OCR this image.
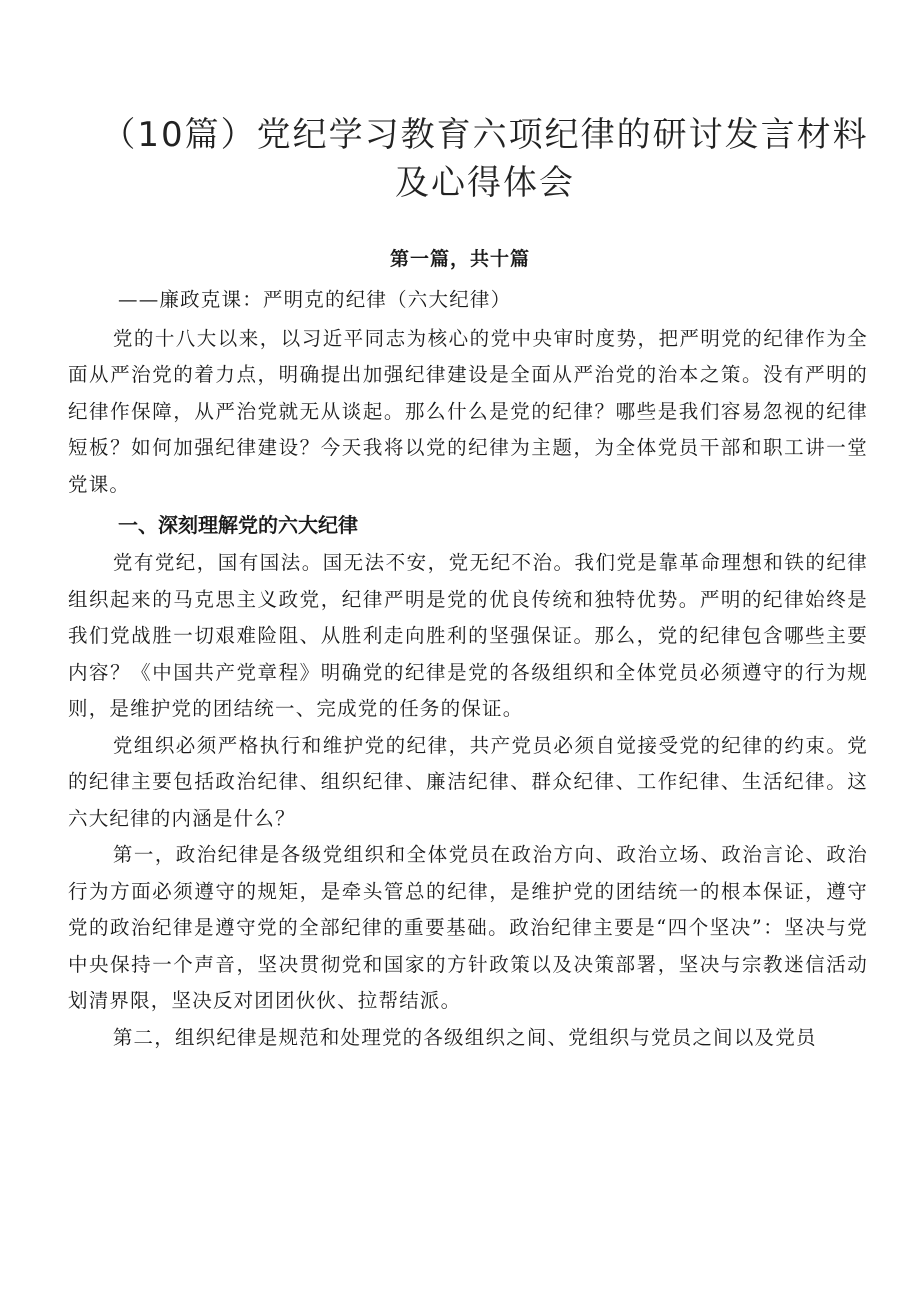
（10篇）党纪学习教育六项纪律的研讨发言材料及心得体会
第一篇，共十篇

——廉政克课：严明克的纪律（六大纪律）

党的十八大以来，以习近平同志为核心的党中央审时度势，把严明党的纪律作为全面从严治党的着力点，明确提出加强纪律建设是全面从严治党的治本之策。没有严明的纪律作保障，从严治党就无从谈起。那么什么是党的纪律？哪些是我们容易忽视的纪律短板？如何加强纪律建设？今天我将以党的纪律为主题，为全体党员干部和职工讲一堂党课。

一、深刻理解党的六大纪律

党有党纪，国有国法。国无法不安，党无纪不治。我们党是靠革命理想和铁的纪律组织起来的马克思主义政党，纪律严明是党的优良传统和独特优势。严明的纪律始终是我们党战胜一切艰难险阻、从胜利走向胜利的坚强保证。那么，党的纪律包含哪些主要内容？《中国共产党章程》明确党的纪律是党的各级组织和全体党员必须遵守的行为规则，是维护党的团结统一、完成党的任务的保证。

党组织必须严格执行和维护党的纪律，共产党员必须自觉接受党的纪律的约束。党的纪律主要包括政治纪律、组织纪律、廉洁纪律、群众纪律、工作纪律、生活纪律。这六大纪律的内涵是什么？

第一，政治纪律是各级党组织和全体党员在政治方向、政治立场、政治言论、政治行为方面必须遵守的规矩，是牵头管总的纪律，是维护党的团结统一的根本保证，遵守党的政治纪律是遵守党的全部纪律的重要基础。政治纪律主要是“四个坚决”：坚决与党中央保持一个声音，坚决贯彻党和国家的方针政策以及决策部署，坚决与宗教迷信活动划清界限，坚决反对团团伙伙、拉帮结派。

第二，组织纪律是规范和处理党的各级组织之间、党组织与党员之间以及党员
